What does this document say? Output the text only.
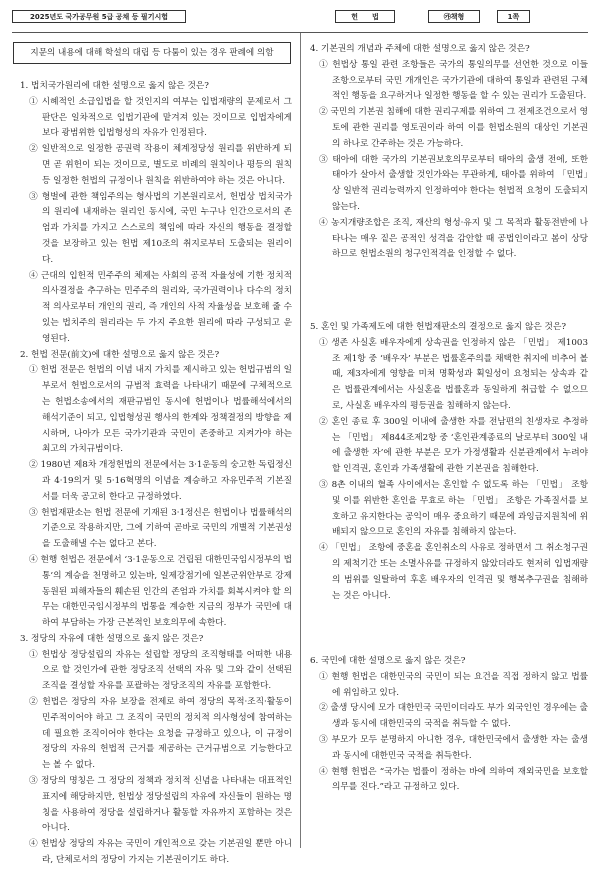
2025년도 국가공무원 5급 공채 등 필기시험	헌　　법	㉮책형	1쪽
지문의 내용에 대해 학설의 대립 등 다툼이 있는 경우 판례에 의함

1. 법치국가원리에 대한 설명으로 옳지 않은 것은?

① 시혜적인 소급입법을 할 것인지의 여부는 입법재량의 문제로서 그 판단은 일차적으로 입법기관에 맡겨져 있는 것이므로 입법자에게 보다 광범위한 입법형성의 자유가 인정된다.

② 일반적으로 일정한 공권력 작용이 체계정당성 원리를 위반하게 되면 곧 위헌이 되는 것이므로, 별도로 비례의 원칙이나 평등의 원칙 등 일정한 헌법의 규정이나 원칙을 위반하여야 하는 것은 아니다.

③ 형벌에 관한 책임주의는 형사법의 기본원리로서, 헌법상 법치국가의 원리에 내재하는 원리인 동시에, 국민 누구나 인간으로서의 존엄과 가치를 가지고 스스로의 책임에 따라 자신의 행동을 결정할 것을 보장하고 있는 헌법 제10조의 취지로부터 도출되는 원리이다.

④ 근대의 입헌적 민주주의 체제는 사회의 공적 자율성에 기한 정치적 의사결정을 추구하는 민주주의 원리와, 국가권력이나 다수의 정치적 의사로부터 개인의 권리, 즉 개인의 사적 자율성을 보호해 줄 수 있는 법치주의 원리라는 두 가지 주요한 원리에 따라 구성되고 운영된다.

2. 헌법 전문(前文)에 대한 설명으로 옳지 않은 것은?

① 헌법 전문은 헌법의 이념 내지 가치를 제시하고 있는 헌법규범의 일부로서 헌법으로서의 규범적 효력을 나타내기 때문에 구체적으로는 헌법소송에서의 재판규범인 동시에 헌법이나 법률해석에서의 해석기준이 되고, 입법형성권 행사의 한계와 정책결정의 방향을 제시하며, 나아가 모든 국가기관과 국민이 존중하고 지켜가야 하는 최고의 가치규범이다.

② 1980년 제8차 개정헌법의 전문에서는 3·1운동의 숭고한 독립정신과 4·19의거 및 5·16혁명의 이념을 계승하고 자유민주적 기본질서를 더욱 공고히 한다고 규정하였다.

③ 헌법재판소는 헌법 전문에 기재된 3·1정신은 헌법이나 법률해석의 기준으로 작용하지만, 그에 기하여 곧바로 국민의 개별적 기본권성을 도출해낼 수는 없다고 본다.

④ 현행 헌법은 전문에서 ‘3·1운동으로 건립된 대한민국임시정부의 법통’의 계승을 천명하고 있는바, 일제강점기에 일본군위안부로 강제 동원된 피해자들의 훼손된 인간의 존엄과 가치를 회복시켜야 할 의무는 대한민국임시정부의 법통을 계승한 지금의 정부가 국민에 대하여 부담하는 가장 근본적인 보호의무에 속한다.

3. 정당의 자유에 대한 설명으로 옳지 않은 것은?

① 헌법상 정당설립의 자유는 설립할 정당의 조직형태를 어떠한 내용으로 할 것인가에 관한 정당조직 선택의 자유 및 그와 같이 선택된 조직을 결성할 자유를 포괄하는 정당조직의 자유를 포함한다.

② 헌법은 정당의 자유 보장을 전제로 하여 정당의 목적·조직·활동이 민주적이어야 하고 그 조직이 국민의 정치적 의사형성에 참여하는데 필요한 조직이어야 한다는 요청을 규정하고 있으나, 이 규정이 정당의 자유의 헌법적 근거를 제공하는 근거규범으로 기능한다고는 볼 수 없다.

③ 정당의 명칭은 그 정당의 정책과 정치적 신념을 나타내는 대표적인 표지에 해당하지만, 헌법상 정당설립의 자유에 자신들이 원하는 명칭을 사용하여 정당을 설립하거나 활동할 자유까지 포함하는 것은 아니다.

④ 헌법상 정당의 자유는 국민이 개인적으로 갖는 기본권일 뿐만 아니라, 단체로서의 정당이 가지는 기본권이기도 하다.

4. 기본권의 개념과 주체에 대한 설명으로 옳지 않은 것은?

① 헌법상 통일 관련 조항들은 국가의 통일의무를 선언한 것으로 이들 조항으로부터 국민 개개인은 국가기관에 대하여 통일과 관련된 구체적인 행동을 요구하거나 일정한 행동을 할 수 있는 권리가 도출된다.

② 국민의 기본권 침해에 대한 권리구제를 위하여 그 전제조건으로서 영토에 관한 권리를 영토권이라 하여 이를 헌법소원의 대상인 기본권의 하나로 간주하는 것은 가능하다.

③ 태아에 대한 국가의 기본권보호의무로부터 태아의 출생 전에, 또한 태아가 살아서 출생할 것인가와는 무관하게, 태아를 위하여 「민법」상 일반적 권리능력까지 인정하여야 한다는 헌법적 요청이 도출되지 않는다.

④ 농지개량조합은 조직, 재산의 형성·유지 및 그 목적과 활동전반에 나타나는 매우 짙은 공적인 성격을 감안할 때 공법인이라고 봄이 상당하므로 헌법소원의 청구인적격을 인정할 수 없다.

5. 혼인 및 가족제도에 대한 헌법재판소의 결정으로 옳지 않은 것은?

① 생존 사실혼 배우자에게 상속권을 인정하지 않은 「민법」 제1003조 제1항 중 ‘배우자’ 부분은 법률혼주의를 채택한 취지에 비추어 볼 때, 제3자에게 영향을 미쳐 명확성과 획일성이 요청되는 상속과 같은 법률관계에서는 사실혼을 법률혼과 동일하게 취급할 수 없으므로, 사실혼 배우자의 평등권을 침해하지 않는다.

② 혼인 종료 후 300일 이내에 출생한 자를 전남편의 친생자로 추정하는 「민법」 제844조제2항 중 ‘혼인관계종료의 날로부터 300일 내에 출생한 자’에 관한 부분은 모가 가정생활과 신분관계에서 누려야 할 인격권, 혼인과 가족생활에 관한 기본권을 침해한다.

③ 8촌 이내의 혈족 사이에서는 혼인할 수 없도록 하는 「민법」 조항 및 이를 위반한 혼인을 무효로 하는 「민법」 조항은 가족질서를 보호하고 유지한다는 공익이 매우 중요하기 때문에 과잉금지원칙에 위배되지 않으므로 혼인의 자유를 침해하지 않는다.

④ 「민법」 조항에 중혼을 혼인취소의 사유로 정하면서 그 취소청구권의 제척기간 또는 소멸사유를 규정하지 않았더라도 현저히 입법재량의 범위를 일탈하여 후혼 배우자의 인격권 및 행복추구권을 침해하는 것은 아니다.

6. 국민에 대한 설명으로 옳지 않은 것은?

① 현행 헌법은 대한민국의 국민이 되는 요건을 직접 정하지 않고 법률에 위임하고 있다.

② 출생 당시에 모가 대한민국 국민이더라도 부가 외국인인 경우에는 출생과 동시에 대한민국의 국적을 취득할 수 없다.

③ 부모가 모두 분명하지 아니한 경우, 대한민국에서 출생한 자는 출생과 동시에 대한민국 국적을 취득한다.

④ 현행 헌법은 “국가는 법률이 정하는 바에 의하여 재외국민을 보호할 의무를 진다.”라고 규정하고 있다.
